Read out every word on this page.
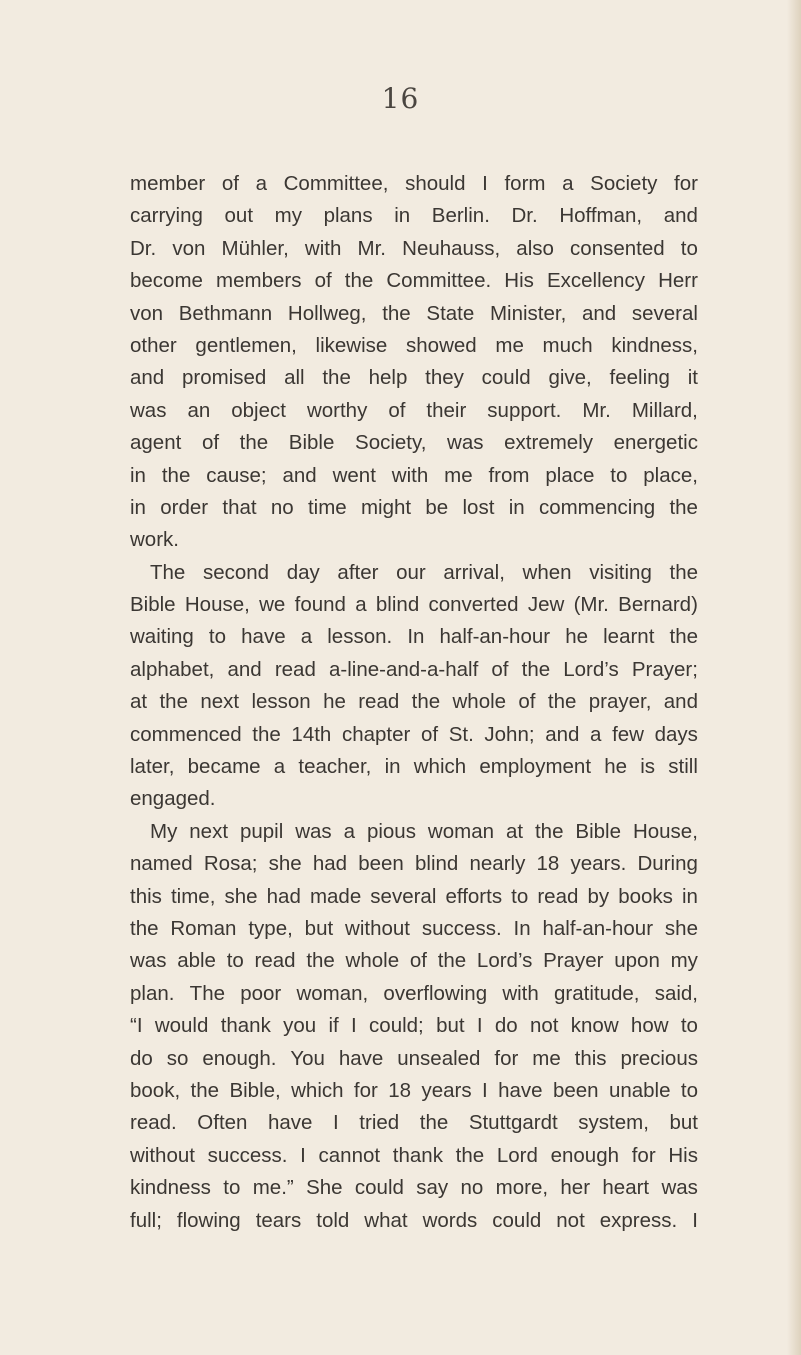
16
member of a Committee, should I form a Society for
carrying out my plans in Berlin. Dr. Hoffman, and
Dr. von Mühler, with Mr. Neuhauss, also consented to
become members of the Committee. His Excellency Herr
von Bethmann Hollweg, the State Minister, and several
other gentlemen, likewise showed me much kindness,
and promised all the help they could give, feeling it
was an object worthy of their support. Mr. Millard,
agent of the Bible Society, was extremely energetic
in the cause; and went with me from place to place,
in order that no time might be lost in commencing the
work.
The second day after our arrival, when visiting the
Bible House, we found a blind converted Jew (Mr. Bernard)
waiting to have a lesson. In half-an-hour he learnt the
alphabet, and read a-line-and-a-half of the Lord’s Prayer;
at the next lesson he read the whole of the prayer, and
commenced the 14th chapter of St. John; and a few days
later, became a teacher, in which employment he is still
engaged.
My next pupil was a pious woman at the Bible House,
named Rosa; she had been blind nearly 18 years. During
this time, she had made several efforts to read by books in
the Roman type, but without success. In half-an-hour she
was able to read the whole of the Lord’s Prayer upon my
plan. The poor woman, overflowing with gratitude, said,
“I would thank you if I could; but I do not know how to
do so enough. You have unsealed for me this precious
book, the Bible, which for 18 years I have been unable to
read. Often have I tried the Stuttgardt system, but
without success. I cannot thank the Lord enough for His
kindness to me.” She could say no more, her heart was
full; flowing tears told what words could not express. I
